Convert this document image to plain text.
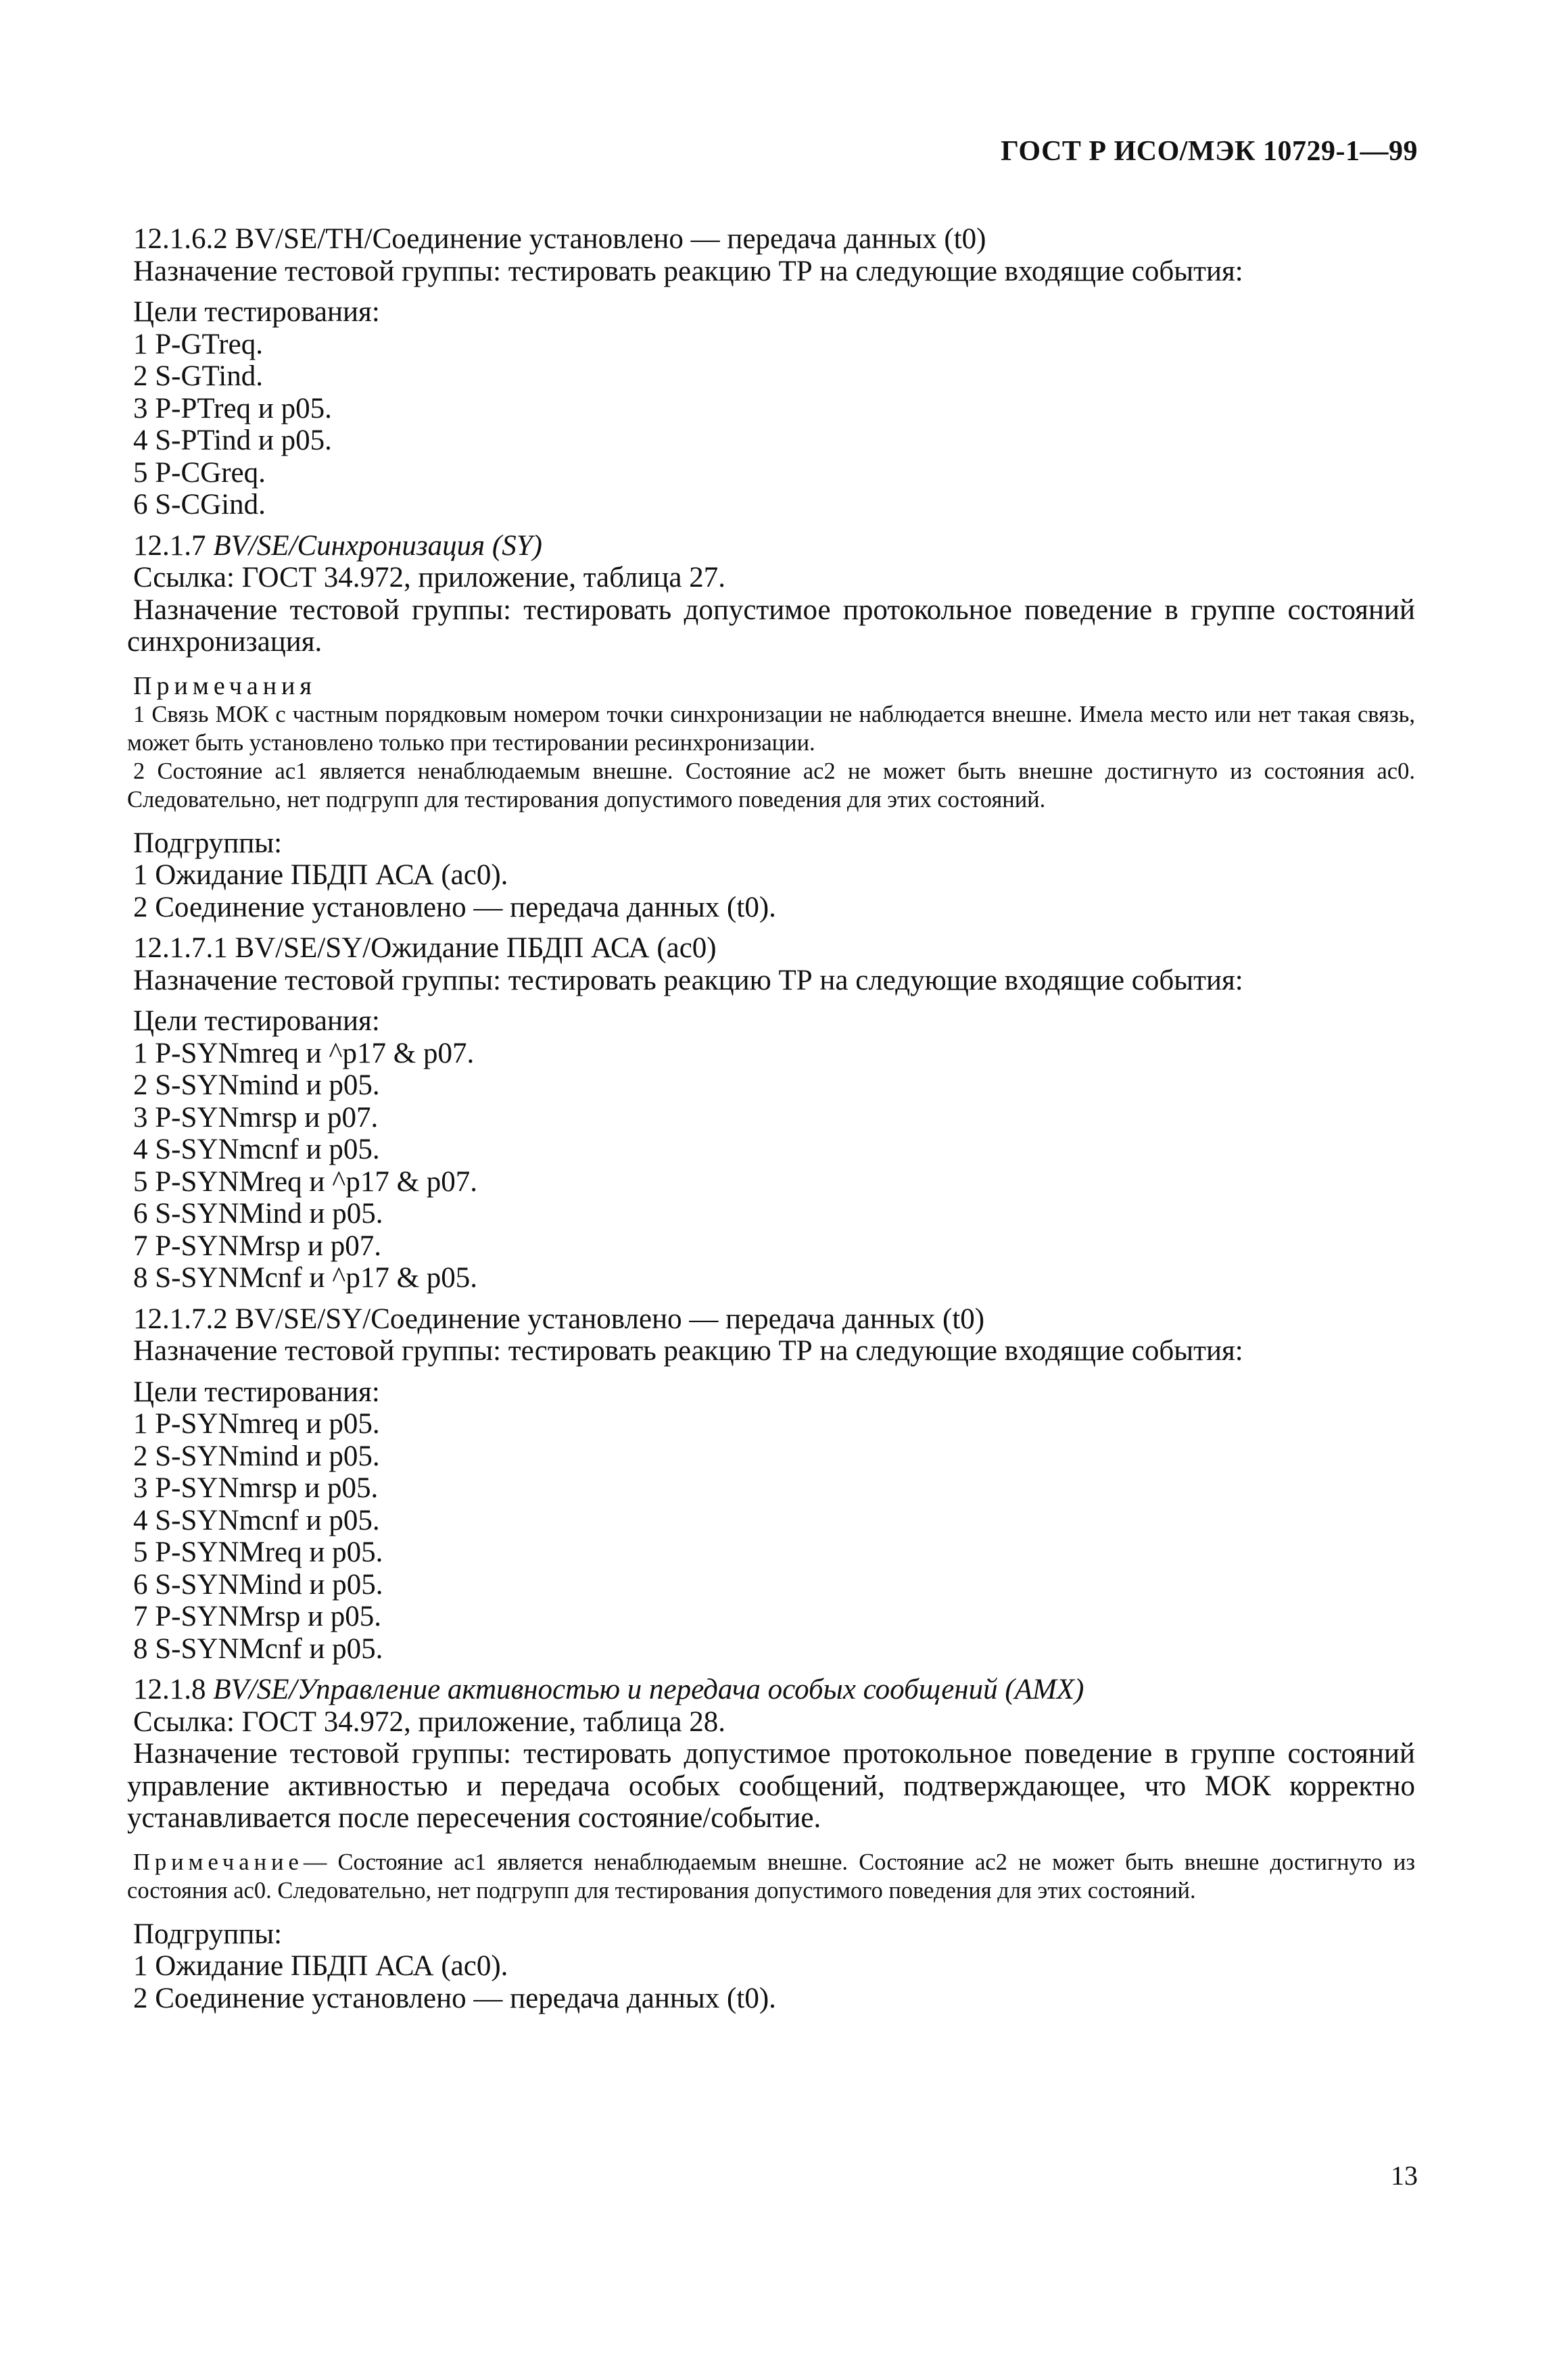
ГОСТ Р ИСО/МЭК 10729-1—99
12.1.6.2 BV/SE/TH/Соединение установлено — передача данных (t0)
Назначение тестовой группы: тестировать реакцию ТР на следующие входящие события:
Цели тестирования:
1 P-GTreq.
2 S-GTind.
3 P-PTreq и p05.
4 S-PTind и p05.
5 P-CGreq.
6 S-CGind.
12.1.7 BV/SE/Синхронизация (SY)
Ссылка: ГОСТ 34.972, приложение, таблица 27.
Назначение тестовой группы: тестировать допустимое протокольное поведение в группе состояний синхронизация.
Примечания
1 Связь МОК с частным порядковым номером точки синхронизации не наблюдается внешне. Имела место или нет такая связь, может быть установлено только при тестировании ресинхронизации.
2 Состояние ac1 является ненаблюдаемым внешне. Состояние ac2 не может быть внешне достигнуто из состояния ac0. Следовательно, нет подгрупп для тестирования допустимого поведения для этих состояний.
Подгруппы:
1 Ожидание ПБДП АСА (ac0).
2 Соединение установлено — передача данных (t0).
12.1.7.1 BV/SE/SY/Ожидание ПБДП АСА (ac0)
Назначение тестовой группы: тестировать реакцию ТР на следующие входящие события:
Цели тестирования:
1 P-SYNmreq и ^p17 & p07.
2 S-SYNmind и p05.
3 P-SYNmrsp и p07.
4 S-SYNmcnf и p05.
5 P-SYNMreq и ^p17 & p07.
6 S-SYNMind и p05.
7 P-SYNMrsp и p07.
8 S-SYNMcnf и ^p17 & p05.
12.1.7.2 BV/SE/SY/Соединение установлено — передача данных (t0)
Назначение тестовой группы: тестировать реакцию ТР на следующие входящие события:
Цели тестирования:
1 P-SYNmreq и p05.
2 S-SYNmind и p05.
3 P-SYNmrsp и p05.
4 S-SYNmcnf и p05.
5 P-SYNMreq и p05.
6 S-SYNMind и p05.
7 P-SYNMrsp и p05.
8 S-SYNMcnf и p05.
12.1.8 BV/SE/Управление активностью и передача особых сообщений (AMX)
Ссылка: ГОСТ 34.972, приложение, таблица 28.
Назначение тестовой группы: тестировать допустимое протокольное поведение в группе состояний управление активностью и передача особых сообщений, подтверждающее, что МОК корректно устанавливается после пересечения состояние/событие.
Примечание— Состояние ac1 является ненаблюдаемым внешне. Состояние ac2 не может быть внешне достигнуто из состояния ac0. Следовательно, нет подгрупп для тестирования допустимого поведения для этих состояний.
Подгруппы:
1 Ожидание ПБДП АСА (ac0).
2 Соединение установлено — передача данных (t0).
13
